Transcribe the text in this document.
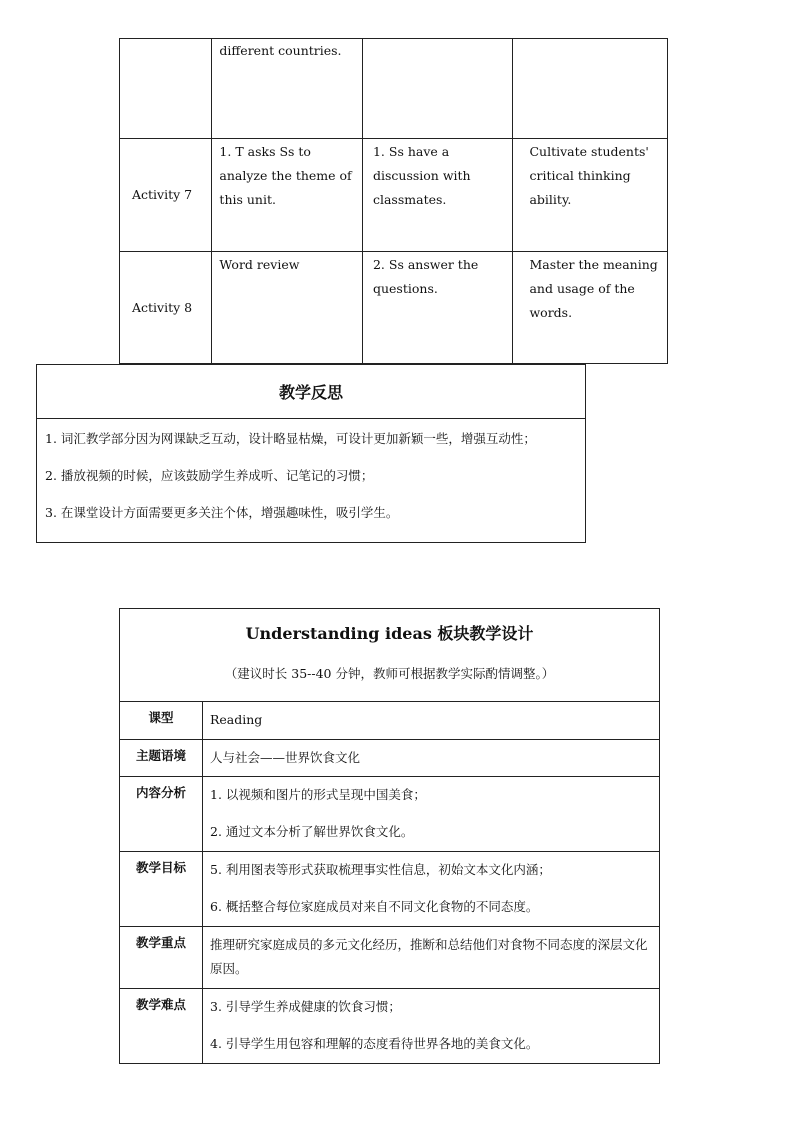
	different countries.		
Activity 7	1. T asks Ss to analyze the theme of this unit.	1. Ss have a discussion with classmates.	Cultivate students' critical thinking ability.
Activity 8	Word review	2. Ss answer the questions.	Master the meaning and usage of the words.
教学反思

1. 词汇教学部分因为网课缺乏互动，设计略显枯燥，可设计更加新颖一些，增强互动性；
2. 播放视频的时候，应该鼓励学生养成听、记笔记的习惯；
3. 在课堂设计方面需要更多关注个体，增强趣味性，吸引学生。
Understanding ideas 板块教学设计
（建议时长 35--40 分钟，教师可根据教学实际酌情调整。）	

课型	Reading

主题语境	人与社会——世界饮食文化

内容分析	1. 以视频和图片的形式呈现中国美食；

2. 通过文本分析了解世界饮食文化。

教学目标	5. 利用图表等形式获取梳理事实性信息，初始文本文化内涵；

6. 概括整合每位家庭成员对来自不同文化食物的不同态度。

教学重点	推理研究家庭成员的多元文化经历，推断和总结他们对食物不同态度的深层文化原因。

教学难点	3. 引导学生养成健康的饮食习惯；

4. 引导学生用包容和理解的态度看待世界各地的美食文化。
